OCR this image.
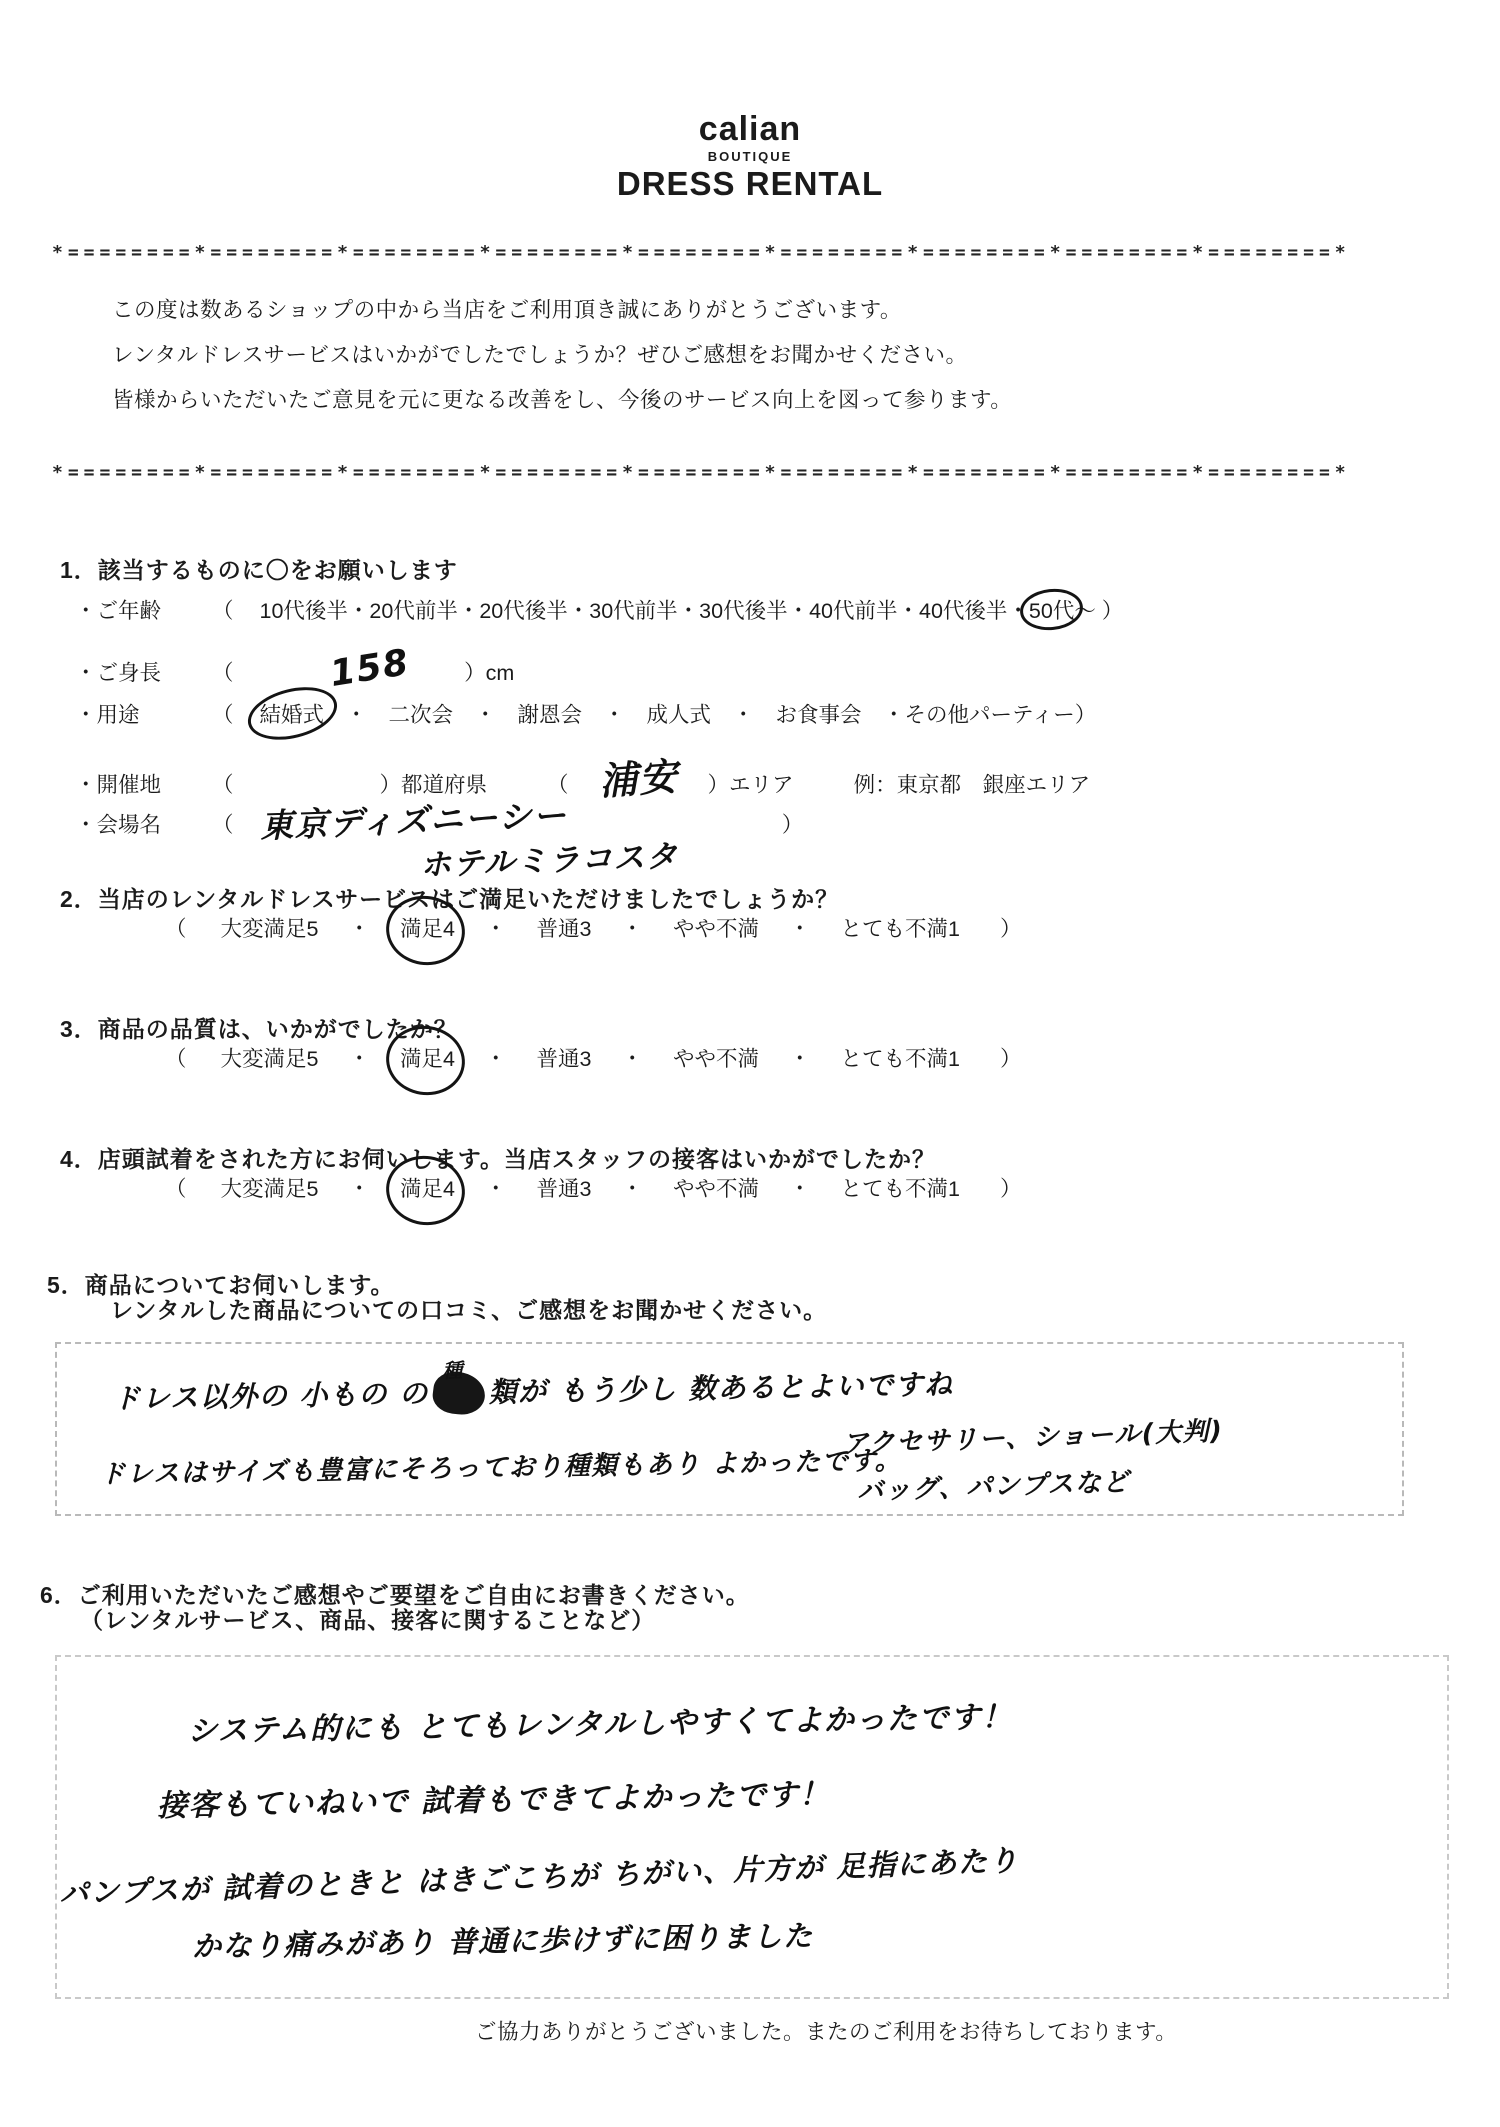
calian
BOUTIQUE
DRESS RENTAL
*========*========*========*========*========*========*========*========*========*

この度は数あるショップの中から当店をご利用頂き誠にありがとうございます。

レンタルドレスサービスはいかがでしたでしょうか？ぜひご感想をお聞かせください。

皆様からいただいたご意見を元に更なる改善をし、今後のサービス向上を図って参ります。

*========*========*========*========*========*========*========*========*========*
1．該当するものに〇をお願いします
・ご年齢 （ 10代後半・20代前半・20代後半・30代前半・30代後半・40代前半・40代後半・50代～ ）
・ご身長 （	158 ）cm
・用途	（ 結婚式　・　二次会　・　謝恩会　・　成人式　・　お食事会　・その他パーティー）
・開催地 （	）都道府県	（ 浦安 ）エリア	例：東京都　銀座エリア
・会場名 （ 東京ディズニーシー	）
ホテルミラコスタ
2．当店のレンタルドレスサービスはご満足いただけましたでしょうか？
（ 大変満足5 ・ 満足4 ・ 普通3 ・ やや不満 ・ とても不満1 ）
3．商品の品質は、いかがでしたか？
（ 大変満足5 ・ 満足4 ・ 普通3 ・ やや不満 ・ とても不満1 ）
4．店頭試着をされた方にお伺いします。当店スタッフの接客はいかがでしたか？
（ 大変満足5 ・ 満足4 ・ 普通3 ・ やや不満 ・ とても不満1 ）
5．商品についてお伺いします。
レンタルした商品についての口コミ、ご感想をお聞かせください。
ドレス以外の 小もの の
種 類が もう少し 数あるとよいですね
アクセサリー、ショール(大判)
ドレスはサイズも豊富にそろっており種類もあり よかったです。
バッグ、パンプスなど
6．ご利用いただいたご感想やご要望をご自由にお書きください。
（レンタルサービス、商品、接客に関することなど）
システム的にも とてもレンタルしやすくてよかったです！
接客もていねいで 試着もできてよかったです！
パンプスが 試着のときと はきごこちが ちがい、片方が 足指にあたり
かなり痛みがあり 普通に歩けずに困りました
ご協力ありがとうございました。またのご利用をお待ちしております。
